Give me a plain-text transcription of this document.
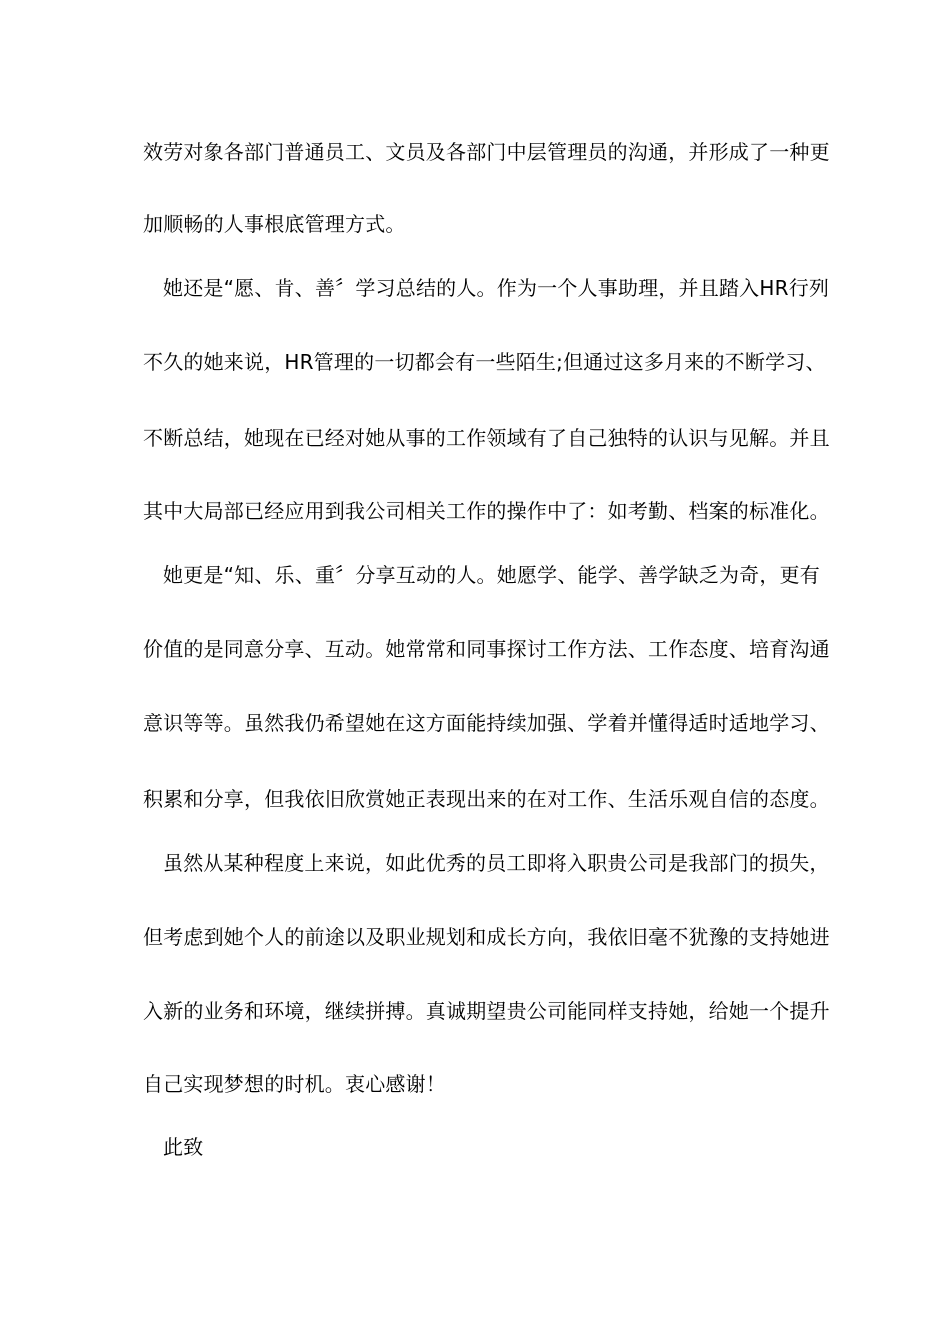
效劳对象各部门普通员工、文员及各部门中层管理员的沟通，并形成了一种更
加顺畅的人事根底管理方式。
她还是“愿、肯、善〞学习总结的人。作为一个人事助理，并且踏入HR行列
不久的她来说，HR管理的一切都会有一些陌生;但通过这多月来的不断学习、
不断总结，她现在已经对她从事的工作领域有了自己独特的认识与见解。并且
其中大局部已经应用到我公司相关工作的操作中了：如考勤、档案的标准化。
她更是“知、乐、重〞分享互动的人。她愿学、能学、善学缺乏为奇，更有
价值的是同意分享、互动。她常常和同事探讨工作方法、工作态度、培育沟通
意识等等。虽然我仍希望她在这方面能持续加强、学着并懂得适时适地学习、
积累和分享，但我依旧欣赏她正表现出来的在对工作、生活乐观自信的态度。
虽然从某种程度上来说，如此优秀的员工即将入职贵公司是我部门的损失，
但考虑到她个人的前途以及职业规划和成长方向，我依旧毫不犹豫的支持她进
入新的业务和环境，继续拼搏。真诚期望贵公司能同样支持她，给她一个提升
自己实现梦想的时机。衷心感谢！
此致
